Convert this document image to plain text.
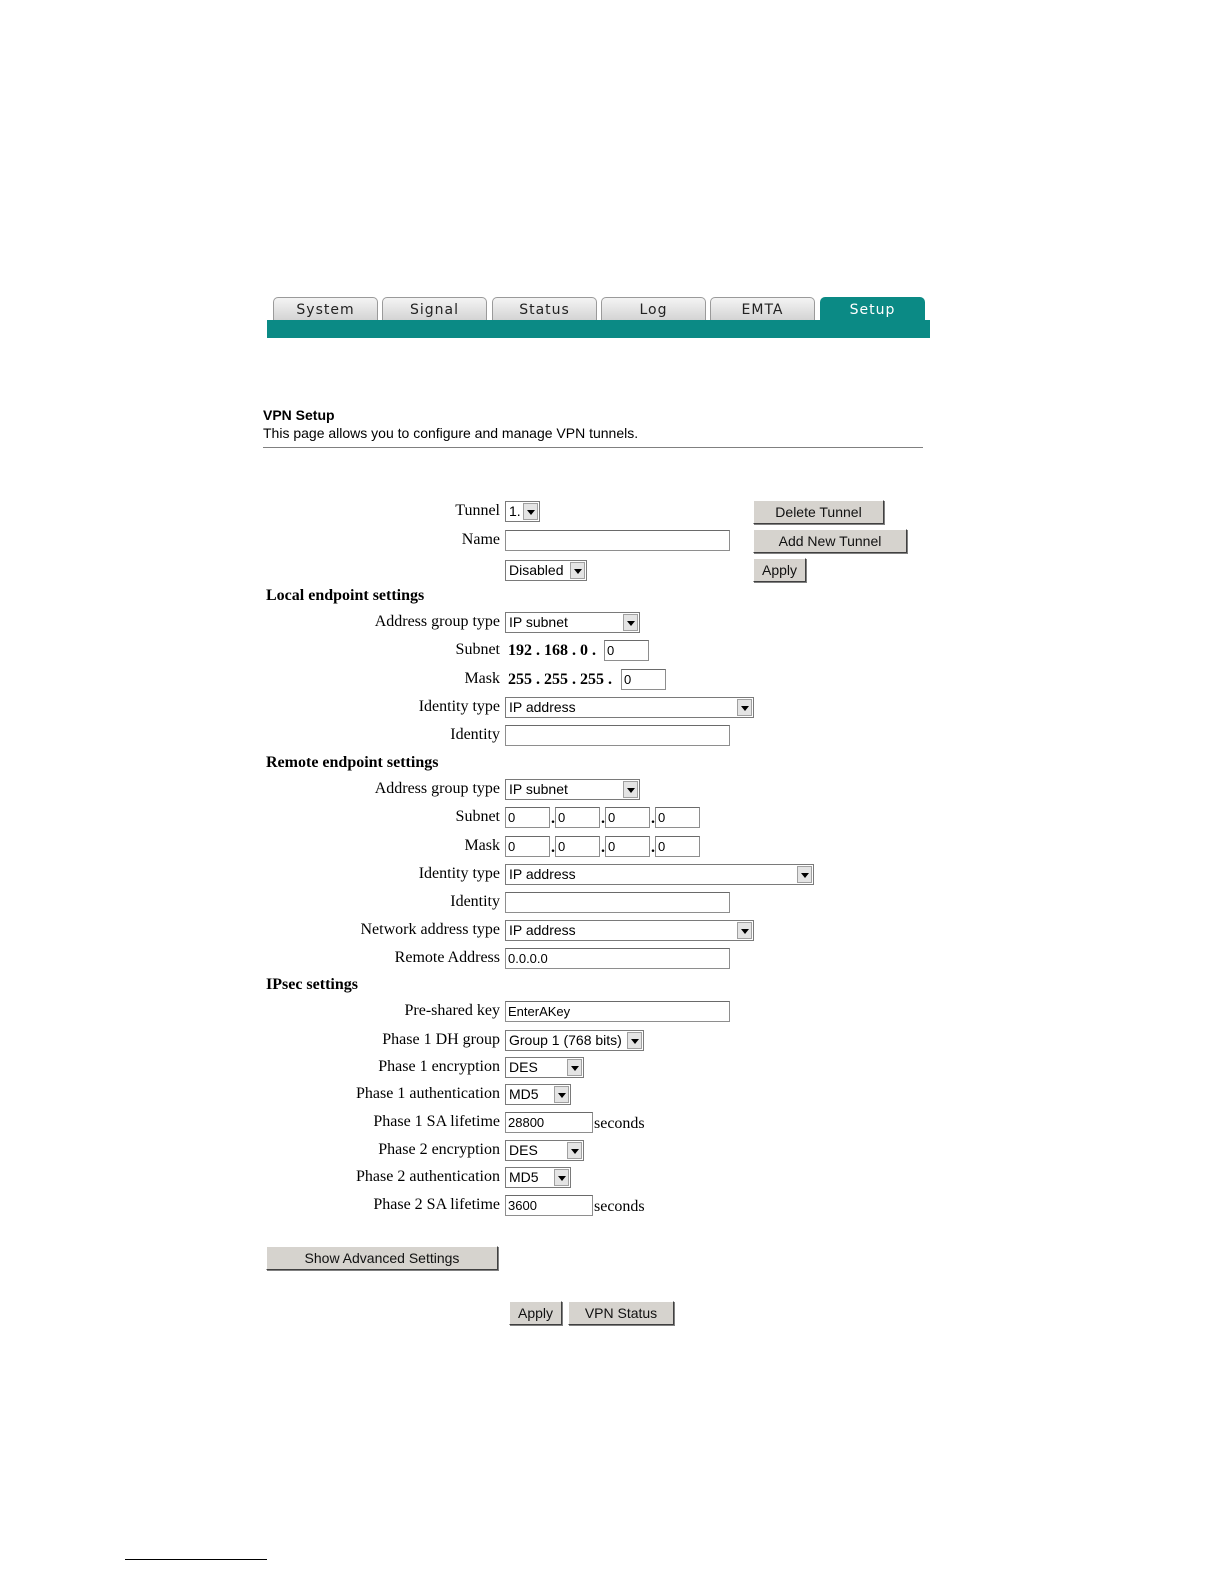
System	Signal	Status	Log	EMTA	Setup
VPN Setup
This page allows you to configure and manage VPN tunnels.
Tunnel 1.	Delete Tunnel
Name	Add New Tunnel
Disabled	Apply
Local endpoint settings
Address group type IP subnet
Subnet 192 . 168 . 0 . 0
Mask 255 . 255 . 255 . 0
Identity type IP address
Identity
Remote endpoint settings
Address group type IP subnet
Subnet 0	. 0	. 0	. 0
Mask 0	. 0	. 0	. 0
Identity type IP address
Identity
Network address type IP address
Remote Address 0.0.0.0
IPsec settings
Pre-shared key EnterAKey
Phase 1 DH group Group 1 (768 bits)
Phase 1 encryption DES
Phase 1 authentication MD5
Phase 1 SA lifetime 28800	seconds
Phase 2 encryption DES
Phase 2 authentication MD5
Phase 2 SA lifetime 3600	seconds
Show Advanced Settings
Apply	VPN Status
